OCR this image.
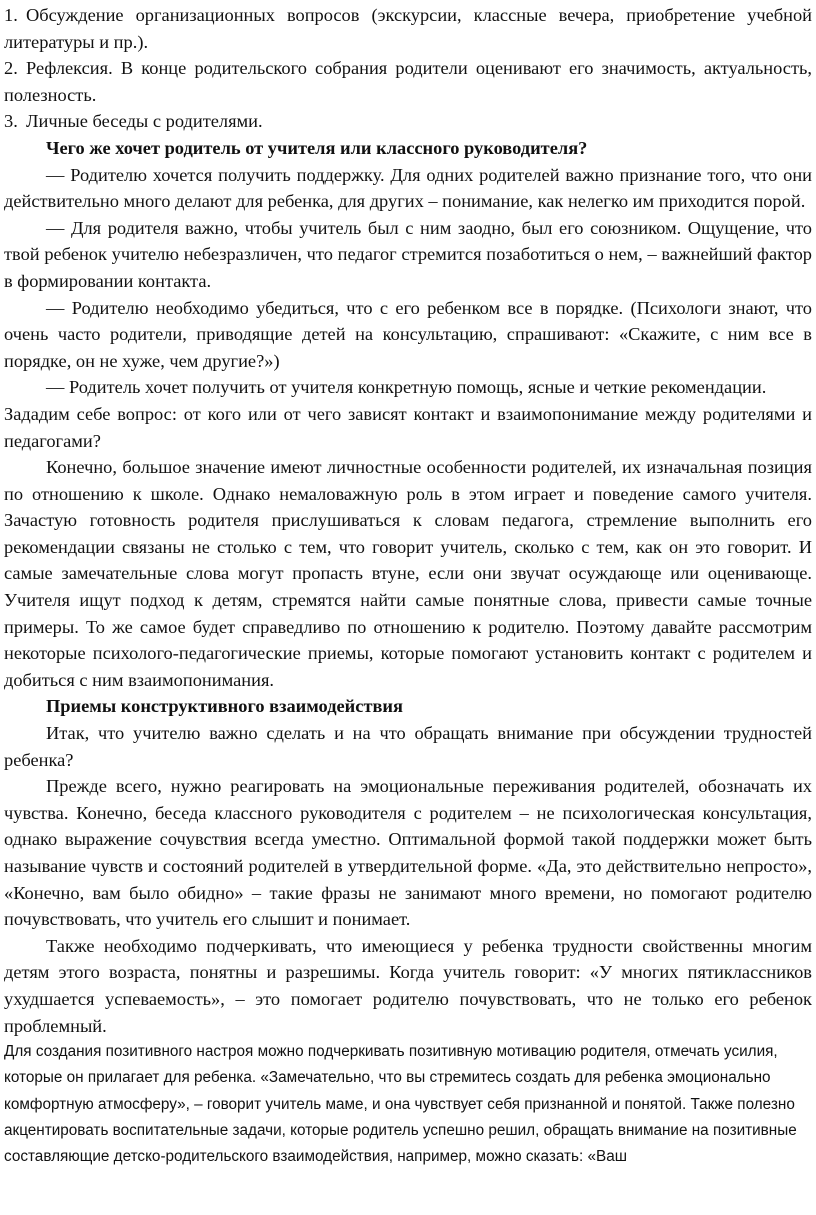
1. Обсуждение организационных вопросов (экскурсии, классные вечера, приобретение учебной литературы и пр.).

2. Рефлексия. В конце родительского собрания родители оценивают его значимость, актуальность, полезность.

3. Личные беседы с родителями.

Чего же хочет родитель от учителя или классного руководителя?

— Родителю хочется получить поддержку. Для одних родителей важно признание того, что они действительно много делают для ребенка, для других – понимание, как нелегко им приходится порой.

— Для родителя важно, чтобы учитель был с ним заодно, был его союзником. Ощущение, что твой ребенок учителю небезразличен, что педагог стремится позаботиться о нем, – важнейший фактор в формировании контакта.

— Родителю необходимо убедиться, что с его ребенком все в порядке. (Психологи знают, что очень часто родители, приводящие детей на консультацию, спрашивают: «Скажите, с ним все в порядке, он не хуже, чем другие?»)

— Родитель хочет получить от учителя конкретную помощь, ясные и четкие рекомендации.

Зададим себе вопрос: от кого или от чего зависят контакт и взаимопонимание между родителями и педагогами?

Конечно, большое значение имеют личностные особенности родителей, их изначальная позиция по отношению к школе. Однако немаловажную роль в этом играет и поведение самого учителя. Зачастую готовность родителя прислушиваться к словам педагога, стремление выполнить его рекомендации связаны не столько с тем, что говорит учитель, сколько с тем, как он это говорит. И самые замечательные слова могут пропасть втуне, если они звучат осуждающе или оценивающе. Учителя ищут подход к детям, стремятся найти самые понятные слова, привести самые точные примеры. То же самое будет справедливо по отношению к родителю. Поэтому давайте рассмотрим некоторые психолого-педагогические приемы, которые помогают установить контакт с родителем и добиться с ним взаимопонимания.

Приемы конструктивного взаимодействия

Итак, что учителю важно сделать и на что обращать внимание при обсуждении трудностей ребенка?

Прежде всего, нужно реагировать на эмоциональные переживания родителей, обозначать их чувства. Конечно, беседа классного руководителя с родителем – не психологическая консультация, однако выражение сочувствия всегда уместно. Оптимальной формой такой поддержки может быть называние чувств и состояний родителей в утвердительной форме. «Да, это действительно непросто», «Конечно, вам было обидно» – такие фразы не занимают много времени, но помогают родителю почувствовать, что учитель его слышит и понимает.

Также необходимо подчеркивать, что имеющиеся у ребенка трудности свойственны многим детям этого возраста, понятны и разрешимы. Когда учитель говорит: «У многих пятиклассников ухудшается успеваемость», – это помогает родителю почувствовать, что не только его ребенок проблемный.

Для создания позитивного настроя можно подчеркивать позитивную мотивацию родителя, отмечать усилия, которые он прилагает для ребенка. «Замечательно, что вы стремитесь создать для ребенка эмоционально комфортную атмосферу», – говорит учитель маме, и она чувствует себя признанной и понятой. Также полезно акцентировать воспитательные задачи, которые родитель успешно решил, обращать внимание на позитивные составляющие детско-родительского взаимодействия, например, можно сказать: «Ваш
